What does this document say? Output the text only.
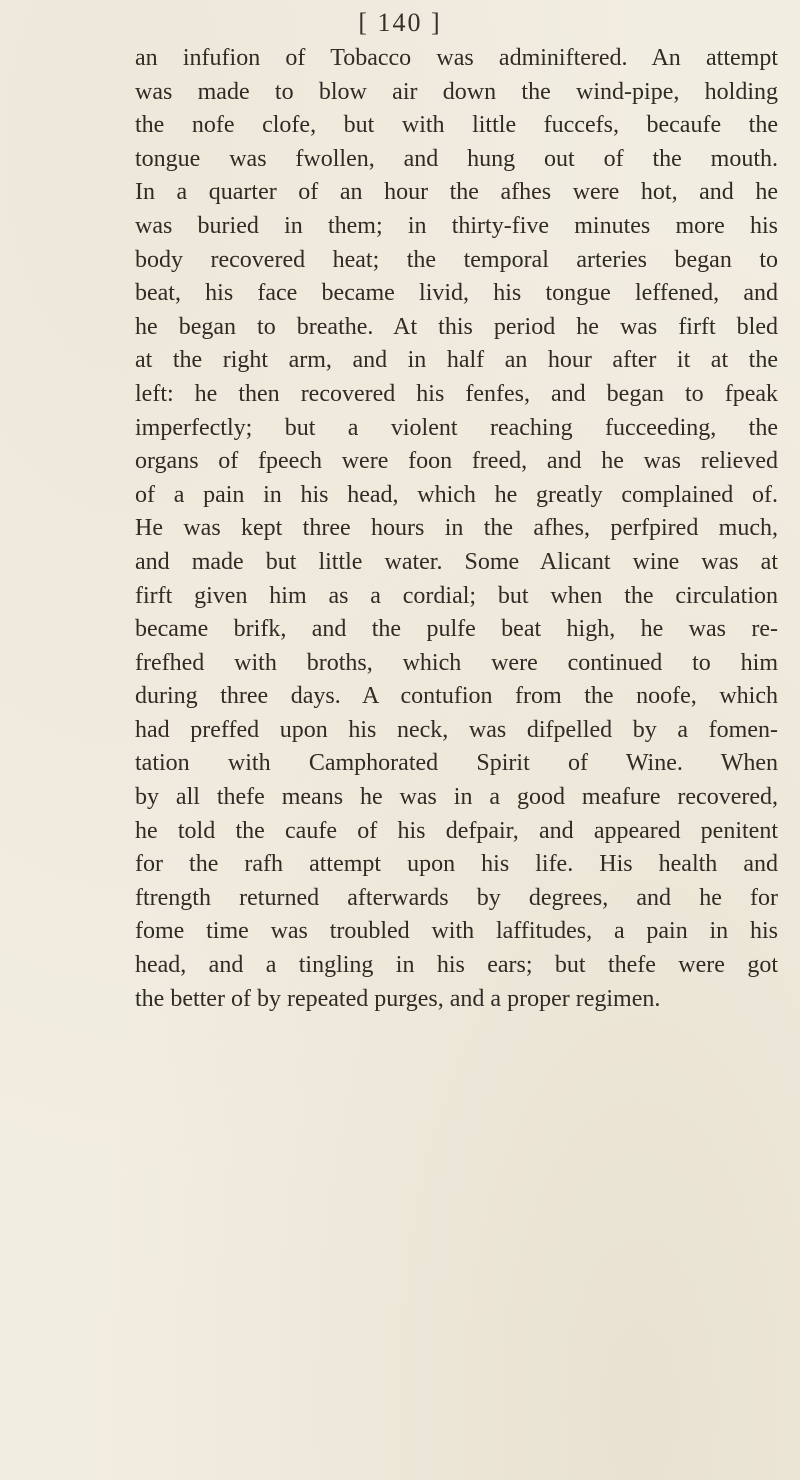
[ 140 ]
an infufion of Tobacco was adminiftered. An attempt
was made to blow air down the wind-pipe, holding
the nofe clofe, but with little fuccefs, becaufe the
tongue was fwollen, and hung out of the mouth.
In a quarter of an hour the afhes were hot, and he
was buried in them; in thirty-five minutes more his
body recovered heat; the temporal arteries began to
beat, his face became livid, his tongue leffened, and
he began to breathe. At this period he was firft bled
at the right arm, and in half an hour after it at the
left: he then recovered his fenfes, and began to fpeak
imperfectly; but a violent reaching fucceeding, the
organs of fpeech were foon freed, and he was relieved
of a pain in his head, which he greatly complained of.
He was kept three hours in the afhes, perfpired much,
and made but little water. Some Alicant wine was at
firft given him as a cordial; but when the circulation
became brifk, and the pulfe beat high, he was re-
frefhed with broths, which were continued to him
during three days. A contufion from the noofe, which
had preffed upon his neck, was difpelled by a fomen-
tation with Camphorated Spirit of Wine. When
by all thefe means he was in a good meafure recovered,
he told the caufe of his defpair, and appeared penitent
for the rafh attempt upon his life. His health and
ftrength returned afterwards by degrees, and he for
fome time was troubled with laffitudes, a pain in his
head, and a tingling in his ears; but thefe were got
the better of by repeated purges, and a proper regimen.
